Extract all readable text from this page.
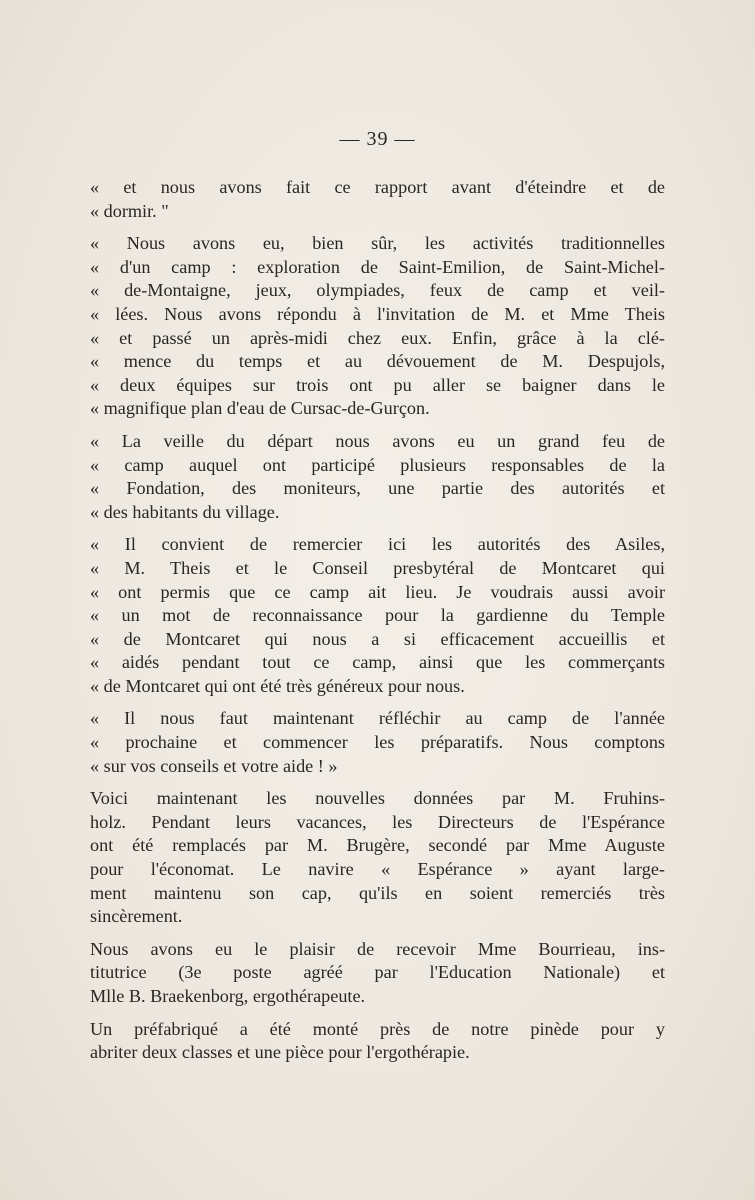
— 39 —
« et nous avons fait ce rapport avant d'éteindre et de
« dormir. "
« Nous avons eu, bien sûr, les activités traditionnelles
« d'un camp : exploration de Saint-Emilion, de Saint-Michel-
« de-Montaigne, jeux, olympiades, feux de camp et veil-
« lées. Nous avons répondu à l'invitation de M. et Mme Theis
« et passé un après-midi chez eux. Enfin, grâce à la clé-
« mence du temps et au dévouement de M. Despujols,
« deux équipes sur trois ont pu aller se baigner dans le
« magnifique plan d'eau de Cursac-de-Gurçon.
« La veille du départ nous avons eu un grand feu de
« camp auquel ont participé plusieurs responsables de la
« Fondation, des moniteurs, une partie des autorités et
« des habitants du village.
« Il convient de remercier ici les autorités des Asiles,
« M. Theis et le Conseil presbytéral de Montcaret qui
« ont permis que ce camp ait lieu. Je voudrais aussi avoir
« un mot de reconnaissance pour la gardienne du Temple
« de Montcaret qui nous a si efficacement accueillis et
« aidés pendant tout ce camp, ainsi que les commerçants
« de Montcaret qui ont été très généreux pour nous.
« Il nous faut maintenant réfléchir au camp de l'année
« prochaine et commencer les préparatifs. Nous comptons
« sur vos conseils et votre aide ! »
Voici maintenant les nouvelles données par M. Fruhins-
holz. Pendant leurs vacances, les Directeurs de l'Espérance
ont été remplacés par M. Brugère, secondé par Mme Auguste
pour l'économat. Le navire « Espérance » ayant large-
ment maintenu son cap, qu'ils en soient remerciés très
sincèrement.
Nous avons eu le plaisir de recevoir Mme Bourrieau, ins-
titutrice (3e poste agréé par l'Education Nationale) et
Mlle B. Braekenborg, ergothérapeute.
Un préfabriqué a été monté près de notre pinède pour y
abriter deux classes et une pièce pour l'ergothérapie.
